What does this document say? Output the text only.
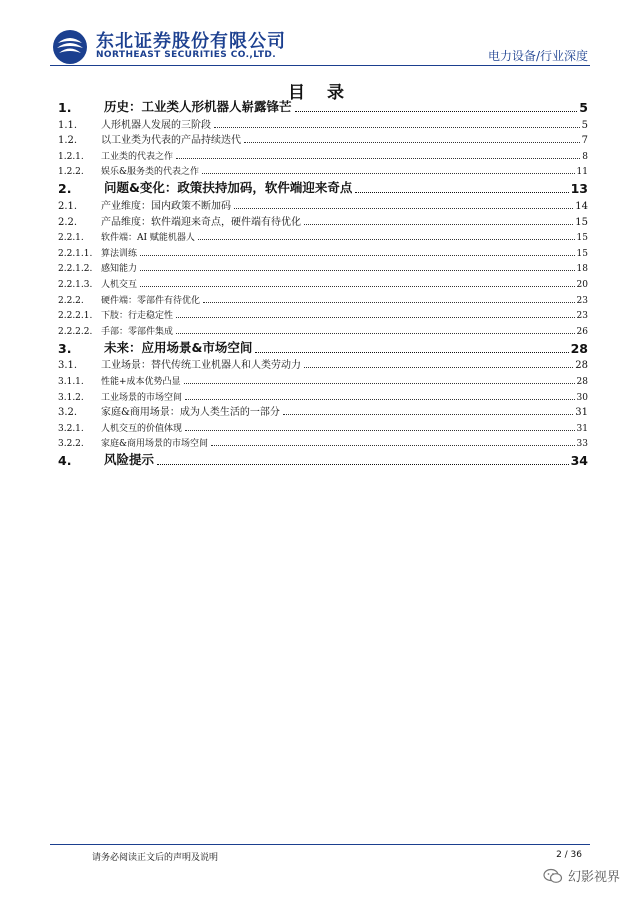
东北证券股份有限公司
NORTHEAST SECURITIES CO.,LTD.	电力设备/行业深度
目 录
1.	历史：工业类人形机器人崭露锋芒	5
1.1.	人形机器人发展的三阶段	5
1.2.	以工业类为代表的产品持续迭代	7
1.2.1.	工业类的代表之作	8
1.2.2.	娱乐&服务类的代表之作	11
2.	问题&变化：政策扶持加码，软件端迎来奇点	13
2.1.	产业维度：国内政策不断加码	14
2.2.	产品维度：软件端迎来奇点，硬件端有待优化	15
2.2.1.	软件端：AI 赋能机器人	15
2.2.1.1. 算法训练	15
2.2.1.2. 感知能力	18
2.2.1.3. 人机交互	20
2.2.2.	硬件端：零部件有待优化	23
2.2.2.1. 下肢：行走稳定性	23
2.2.2.2. 手部：零部件集成	26
3.	未来：应用场景&市场空间	28
3.1.	工业场景：替代传统工业机器人和人类劳动力	28
3.1.1.	性能+成本优势凸显	28
3.1.2.	工业场景的市场空间	30
3.2.	家庭&商用场景：成为人类生活的一部分	31
3.2.1.	人机交互的价值体现	31
3.2.2.	家庭&商用场景的市场空间	33
4.	风险提示	34
请务必阅读正文后的声明及说明	2 / 36
幻影视界
